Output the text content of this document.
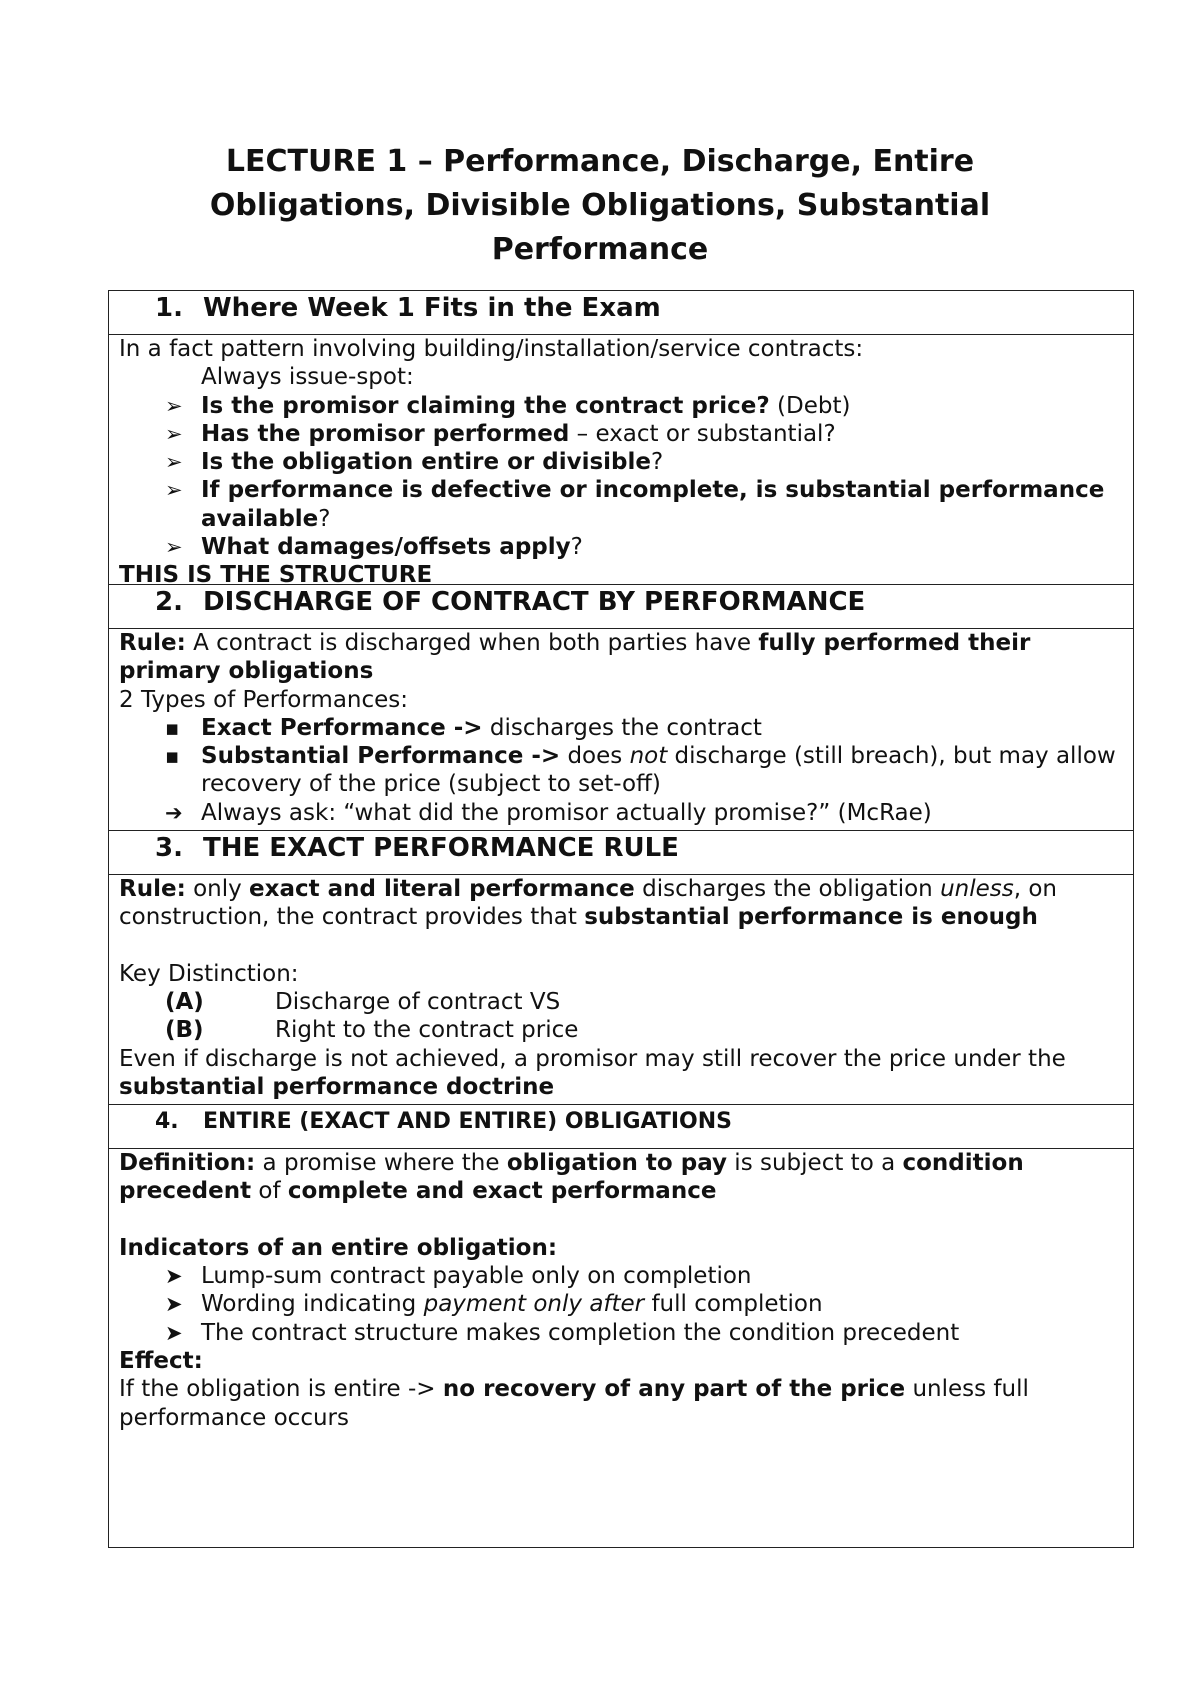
LECTURE 1 – Performance, Discharge, Entire
Obligations, Divisible Obligations, Substantial
Performance
1. Where Week 1 Fits in the Exam
In a fact pattern involving building/installation/service contracts:
Always issue-spot:
➢ Is the promisor claiming the contract price? (Debt)
➢ Has the promisor performed – exact or substantial?
➢ Is the obligation entire or divisible?
➢ If performance is defective or incomplete, is substantial performance available?
➢ What damages/offsets apply?
THIS IS THE STRUCTURE
2. DISCHARGE OF CONTRACT BY PERFORMANCE
Rule: A contract is discharged when both parties have fully performed their primary obligations
2 Types of Performances:
▪ Exact Performance -> discharges the contract
▪ Substantial Performance -> does not discharge (still breach), but may allow recovery of the price (subject to set-off)
➔ Always ask: “what did the promisor actually promise?” (McRae)
3. THE EXACT PERFORMANCE RULE
Rule: only exact and literal performance discharges the obligation unless, on construction, the contract provides that substantial performance is enough
Key Distinction:
(A)	Discharge of contract VS
(B)	Right to the contract price
Even if discharge is not achieved, a promisor may still recover the price under the substantial performance doctrine
4.	ENTIRE (EXACT AND ENTIRE) OBLIGATIONS
Definition: a promise where the obligation to pay is subject to a condition precedent of complete and exact performance
Indicators of an entire obligation:
➤ Lump-sum contract payable only on completion
➤ Wording indicating payment only after full completion
➤ The contract structure makes completion the condition precedent
Effect:
If the obligation is entire -> no recovery of any part of the price unless full performance occurs
